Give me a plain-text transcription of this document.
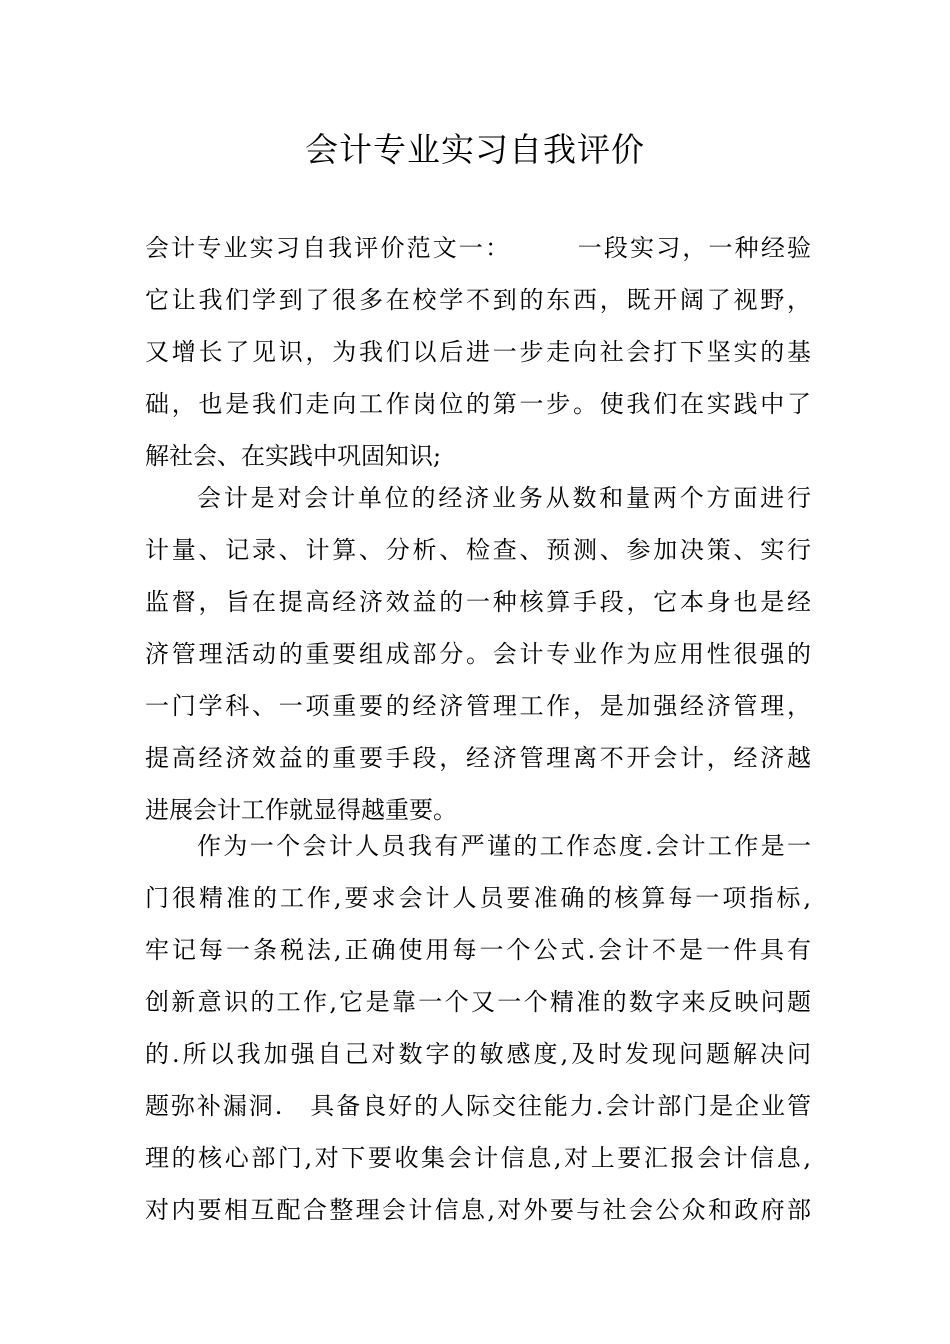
会计专业实习自我评价
会计专业实习自我评价范文一：　　　一段实习，一种经验
它让我们学到了很多在校学不到的东西，既开阔了视野，
又增长了见识，为我们以后进一步走向社会打下坚实的基
础，也是我们走向工作岗位的第一步。使我们在实践中了
解社会、在实践中巩固知识;
会计是对会计单位的经济业务从数和量两个方面进行
计量、记录、计算、分析、检查、预测、参加决策、实行
监督，旨在提高经济效益的一种核算手段，它本身也是经
济管理活动的重要组成部分。会计专业作为应用性很强的
一门学科、一项重要的经济管理工作，是加强经济管理，
提高经济效益的重要手段，经济管理离不开会计，经济越
进展会计工作就显得越重要。
作为一个会计人员我有严谨的工作态度.会计工作是一
门很精准的工作,要求会计人员要准确的核算每一项指标,
牢记每一条税法,正确使用每一个公式.会计不是一件具有
创新意识的工作,它是靠一个又一个精准的数字来反映问题
的.所以我加强自己对数字的敏感度,及时发现问题解决问
题弥补漏洞.　具备良好的人际交往能力.会计部门是企业管
理的核心部门,对下要收集会计信息,对上要汇报会计信息,
对内要相互配合整理会计信息,对外要与社会公众和政府部
